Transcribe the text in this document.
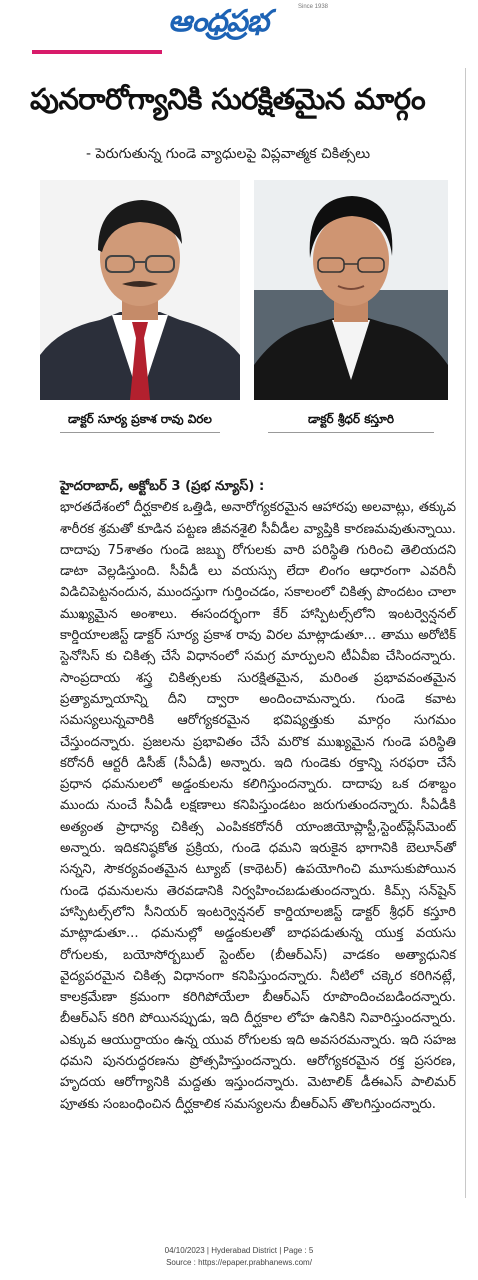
ఆంధ్రప్రభ	Since 1938
పునరారోగ్యానికి సురక్షితమైన మార్గం
- పెరుగుతున్న గుండె వ్యాధులపై విప్లవాత్మక చికిత్సలు
డాక్టర్ సూర్య ప్రకాశ రావు విరల	డాక్టర్ శ్రీధర్ కస్తూరి

హైదరాబాద్, అక్టోబర్ 3 (ప్రభ న్యూస్) :
భారతదేశంలో దీర్ఘకాలిక ఒత్తిడి, అనారోగ్యకరమైన ఆహారపు అలవాట్లు, తక్కువ శారీరక శ్రమతో కూడిన పట్టణ జీవనశైలి సీవీడీల వ్యాప్తికి కారణమవుతున్నాయి. దాదాపు 75శాతం గుండె జబ్బు రోగులకు వారి పరిస్థితి గురించి తెలియదని డాటా వెల్లడిస్తుంది. సీవీడీ లు వయస్సు లేదా లింగం ఆధారంగా ఎవరినీ విడిచిపెట్టనందున, ముందస్తుగా గుర్తించడం, సకాలంలో చికిత్స పొందటం చాలా ముఖ్యమైన అంశాలు. ఈసందర్భంగా కేర్ హాస్పిటల్స్‌లోని ఇంటర్వెన్షనల్ కార్డియాలజిస్ట్ డాక్టర్ సూర్య ప్రకాశ రావు విరల మాట్లాడుతూ... తాము అరోటిక్ స్టెనోసిస్ కు చికిత్స చేసే విధానంలో సమగ్ర మార్పులని టీఏవీఐ చేసిందన్నారు. సాంప్రదాయ శస్త్ర చికిత్సలకు సురక్షితమైన, మరింత ప్రభావవంతమైన ప్రత్యామ్నాయాన్ని దీని ద్వారా అందించామన్నారు. గుండె కవాట సమస్యలున్నవారికి ఆరోగ్యకరమైన భవిష్యత్తుకు మార్గం సుగమం చేస్తుందన్నారు. ప్రజలను ప్రభావితం చేసే మరొక ముఖ్యమైన గుండె పరిస్థితి కరోనరీ ఆర్టరీ డిసీజ్ (సీఏడీ) అన్నారు. ఇది గుండెకు రక్తాన్ని సరఫరా చేసే ప్రధాన ధమనులలో అడ్డంకులను కలిగిస్తుందన్నారు. దాదాపు ఒక దశాబ్దం ముందు నుంచే సీఏడీ లక్షణాలు కనిపిస్తుండటం జరుగుతుందన్నారు. సీఏడీకి అత్యంత ప్రాధాన్య చికిత్స ఎంపికకరోనరీ యాంజియోప్లాస్టీ,స్టెంట్‌ప్లేస్‌మెంట్ అన్నారు. ఇదికనిష్ఠకోత ప్రక్రియ, గుండె ధమని ఇరుకైన భాగానికి బెలూన్‌తో సన్నని, సౌకర్యవంతమైన ట్యూబ్ (కాథెటర్) ఉపయోగించి మూసుకుపోయిన గుండె ధమనులను తెరవడానికి నిర్వహించబడుతుందన్నారు. కిమ్స్ సన్‌షైన్ హాస్పిటల్స్‌లోని సీనియర్ ఇంటర్వెన్షనల్ కార్డియాలజిస్ట్ డాక్టర్ శ్రీధర్ కస్తూరి మాట్లాడుతూ... ధమనుల్లో అడ్డంకులతో బాధపడుతున్న యుక్త వయసు రోగులకు, బయోసోర్బబుల్ స్టెంట్‌ల (బీఆర్‌ఎస్) వాడకం అత్యాధునిక వైద్యపరమైన చికిత్స విధానంగా కనిపిస్తుందన్నారు. నీటిలో చక్కెర కరిగినట్లే, కాలక్రమేణా క్రమంగా కరిగిపోయేలా బీఆర్‌ఎస్ రూపొందించబడిందన్నారు. బీఆర్‌ఎస్ కరిగి పోయినప్పుడు, ఇది దీర్ఘకాల లోహ ఉనికిని నివారిస్తుందన్నారు. ఎక్కువ ఆయుర్దాయం ఉన్న యువ రోగులకు ఇది అవసరమన్నారు. ఇది సహజ ధమని పునరుద్ధరణను ప్రోత్సహిస్తుందన్నారు. ఆరోగ్యకరమైన రక్త ప్రసరణ, హృదయ ఆరోగ్యానికి మద్దతు ఇస్తుందన్నారు. మెటాలిక్ డీఈఎస్ పాలిమర్ పూతకు సంబంధించిన దీర్ఘకాలిక సమస్యలను బీఆర్‌ఎస్ తొలగిస్తుందన్నారు.

04/10/2023 | Hyderabad District | Page : 5
Source : https://epaper.prabhanews.com/
